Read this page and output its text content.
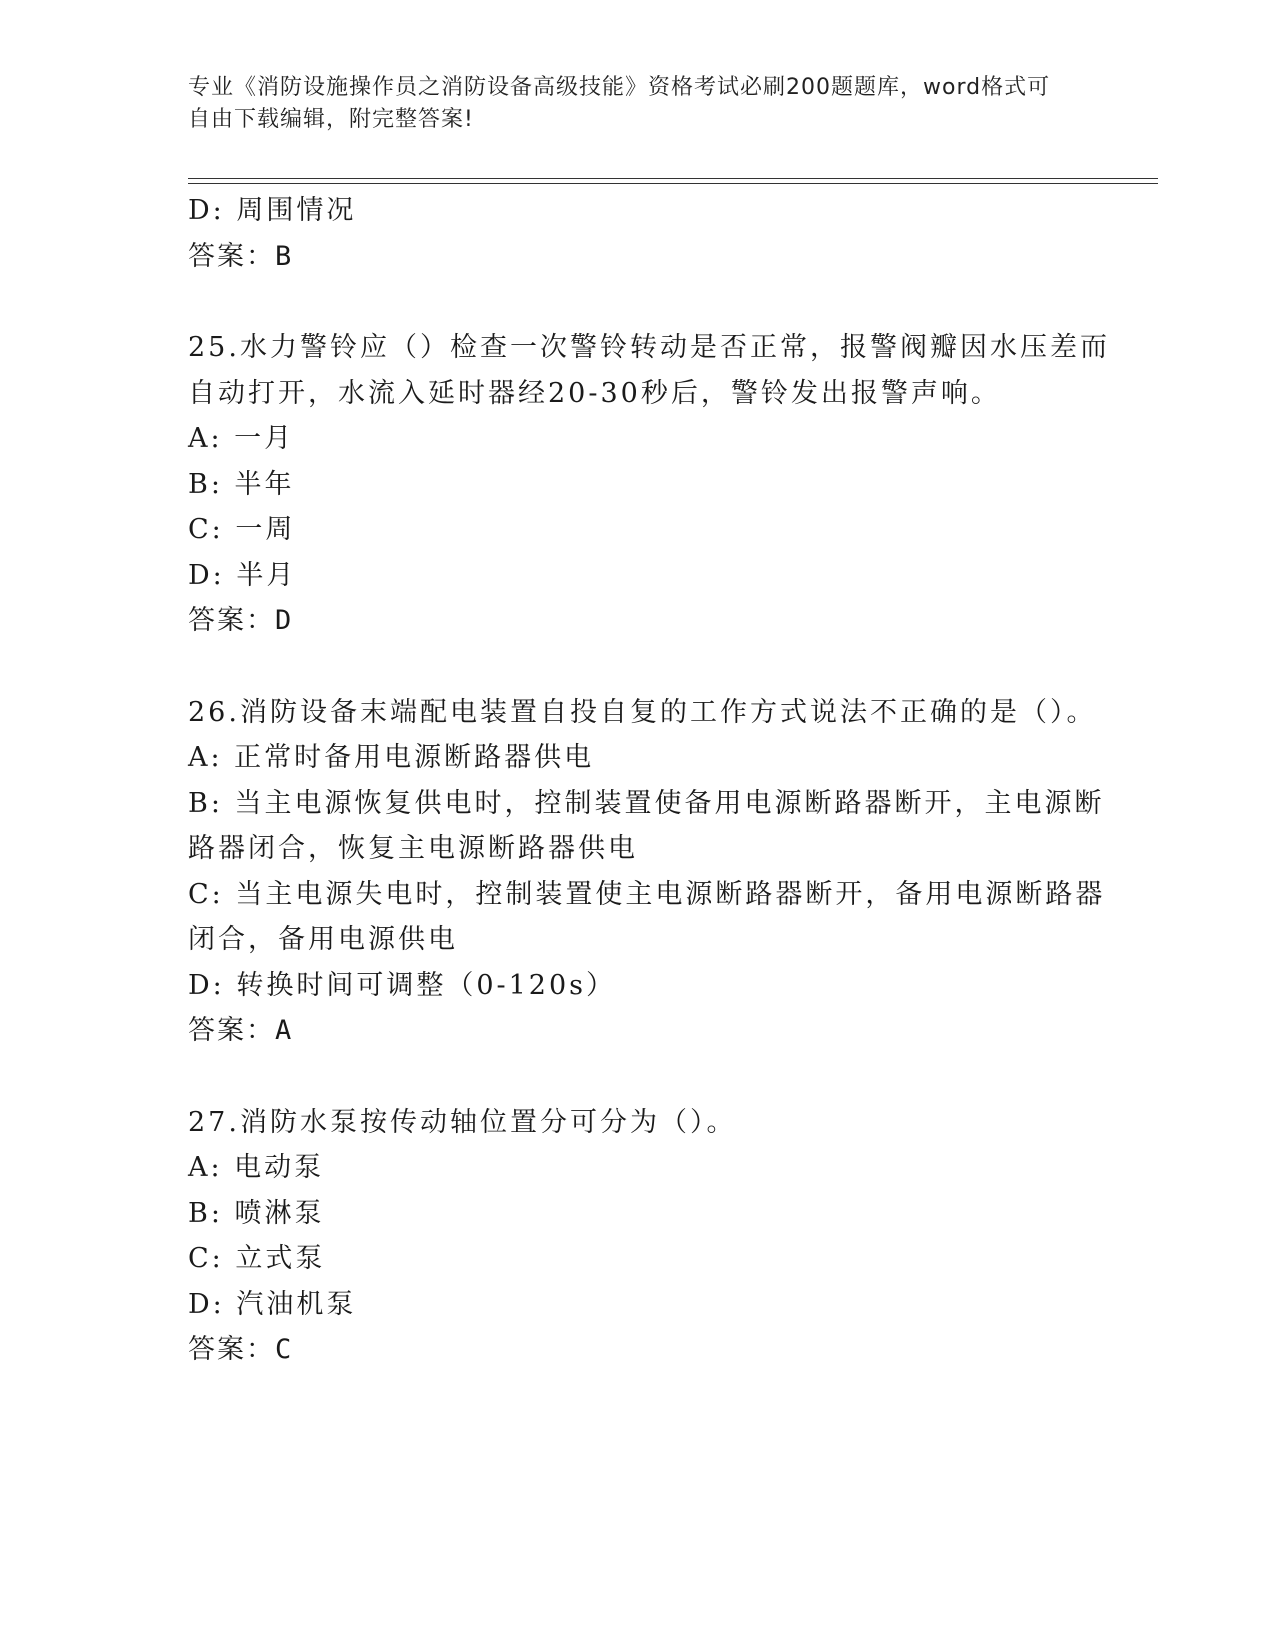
专业《消防设施操作员之消防设备高级技能》资格考试必刷200题题库，word格式可自由下载编辑，附完整答案!
D: 周围情况
答案：B
25.水力警铃应（）检查一次警铃转动是否正常，报警阀瓣因水压差而
自动打开，水流入延时器经20-30秒后，警铃发出报警声响。
A: 一月
B: 半年
C: 一周
D: 半月
答案：D
26.消防设备末端配电装置自投自复的工作方式说法不正确的是（）。
A: 正常时备用电源断路器供电
B: 当主电源恢复供电时，控制装置使备用电源断路器断开，主电源断
路器闭合，恢复主电源断路器供电
C: 当主电源失电时，控制装置使主电源断路器断开，备用电源断路器
闭合，备用电源供电
D: 转换时间可调整（0-120s）
答案：A
27.消防水泵按传动轴位置分可分为（）。
A: 电动泵
B: 喷淋泵
C: 立式泵
D: 汽油机泵
答案：C
